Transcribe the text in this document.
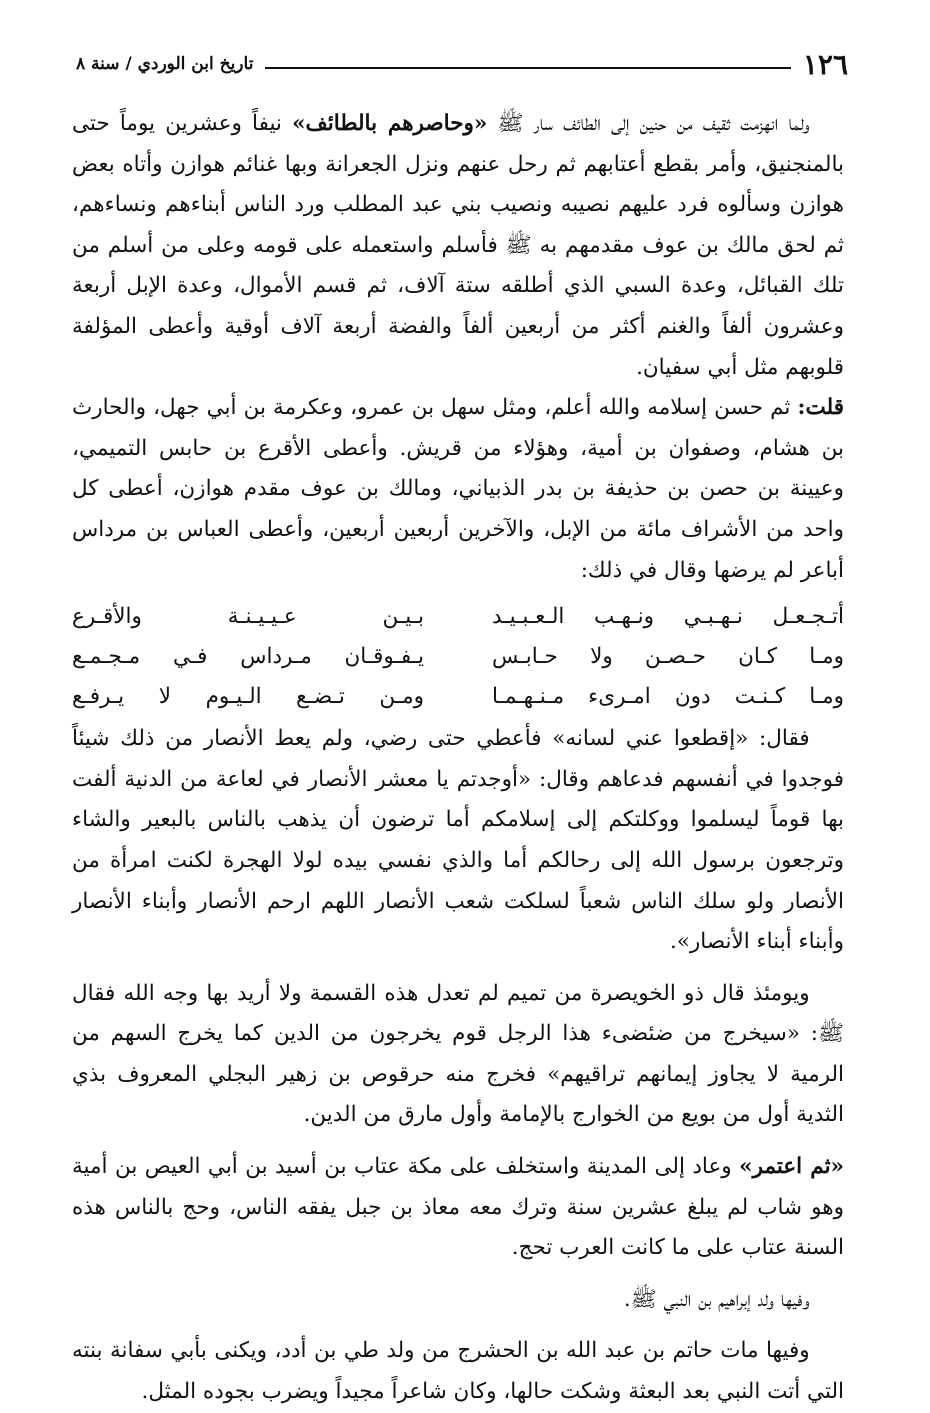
تاريخ ابن الوردي / سنة ٨	١٢٦

ولما انهزمت ثقيف من حنين إلى الطائف سار ﷺ «وحاصرهم بالطائف» نيفاً وعشرين يوماً حتى بالمنجنيق، وأمر بقطع أعتابهم ثم رحل عنهم ونزل الجعرانة وبها غنائم هوازن وأتاه بعض هوازن وسألوه فرد عليهم نصيبه ونصيب بني عبد المطلب ورد الناس أبناءهم ونساءهم، ثم لحق مالك بن عوف مقدمهم به ﷺ فأسلم واستعمله على قومه وعلى من أسلم من تلك القبائل، وعدة السبي الذي أطلقه ستة آلاف، ثم قسم الأموال، وعدة الإبل أربعة وعشرون ألفاً والغنم أكثر من أربعين ألفاً والفضة أربعة آلاف أوقية وأعطى المؤلفة قلوبهم مثل أبي سفيان.

قلت: ثم حسن إسلامه والله أعلم، ومثل سهل بن عمرو، وعكرمة بن أبي جهل، والحارث بن هشام، وصفوان بن أمية، وهؤلاء من قريش. وأعطى الأقرع بن حابس التميمي، وعيينة بن حصن بن حذيفة بن بدر الذبياني، ومالك بن عوف مقدم هوازن، أعطى كل واحد من الأشراف مائة من الإبل، والآخرين أربعين أربعين، وأعطى العباس بن مرداس أباعر لم يرضها وقال في ذلك:

أتـجـعـل نـهـبـي ونـهـب الـعـبـيـد
بـيـن عـيـيـنـة والأقـرع
ومـا كـان حـصـن ولا حـابـس
يـفـوقـان مـرداس فـي مـجـمـع
ومـا كـنـت دون امـرىء مـنـهـمـا
ومـن تـضـع الـيـوم لا يـرفـع

فقال: «إقطعوا عني لسانه» فأعطي حتى رضي، ولم يعط الأنصار من ذلك شيئاً فوجدوا في أنفسهم فدعاهم وقال: «أوجدتم يا معشر الأنصار في لعاعة من الدنية ألفت بها قوماً ليسلموا ووكلتكم إلى إسلامكم أما ترضون أن يذهب بالناس بالبعير والشاء وترجعون برسول الله إلى رحالكم أما والذي نفسي بيده لولا الهجرة لكنت امرأة من الأنصار ولو سلك الناس شعباً لسلكت شعب الأنصار اللهم ارحم الأنصار وأبناء الأنصار وأبناء أبناء الأنصار».

ويومئذ قال ذو الخويصرة من تميم لم تعدل هذه القسمة ولا أريد بها وجه الله فقال ﷺ: «سيخرج من ضئضىء هذا الرجل قوم يخرجون من الدين كما يخرج السهم من الرمية لا يجاوز إيمانهم تراقيهم» فخرج منه حرقوص بن زهير البجلي المعروف بذي الثدية أول من بويع من الخوارج بالإمامة وأول مارق من الدين.

«ثم اعتمر» وعاد إلى المدينة واستخلف على مكة عتاب بن أسيد بن أبي العيص بن أمية وهو شاب لم يبلغ عشرين سنة وترك معه معاذ بن جبل يفقه الناس، وحج بالناس هذه السنة عتاب على ما كانت العرب تحج.

وفيها ولد إبراهيم بن النبي ﷺ.

وفيها مات حاتم بن عبد الله بن الحشرج من ولد طي بن أدد، ويكنى بأبي سفانة بنته التي أتت النبي بعد البعثة وشكت حالها، وكان شاعراً مجيداً ويضرب بجوده المثل.
